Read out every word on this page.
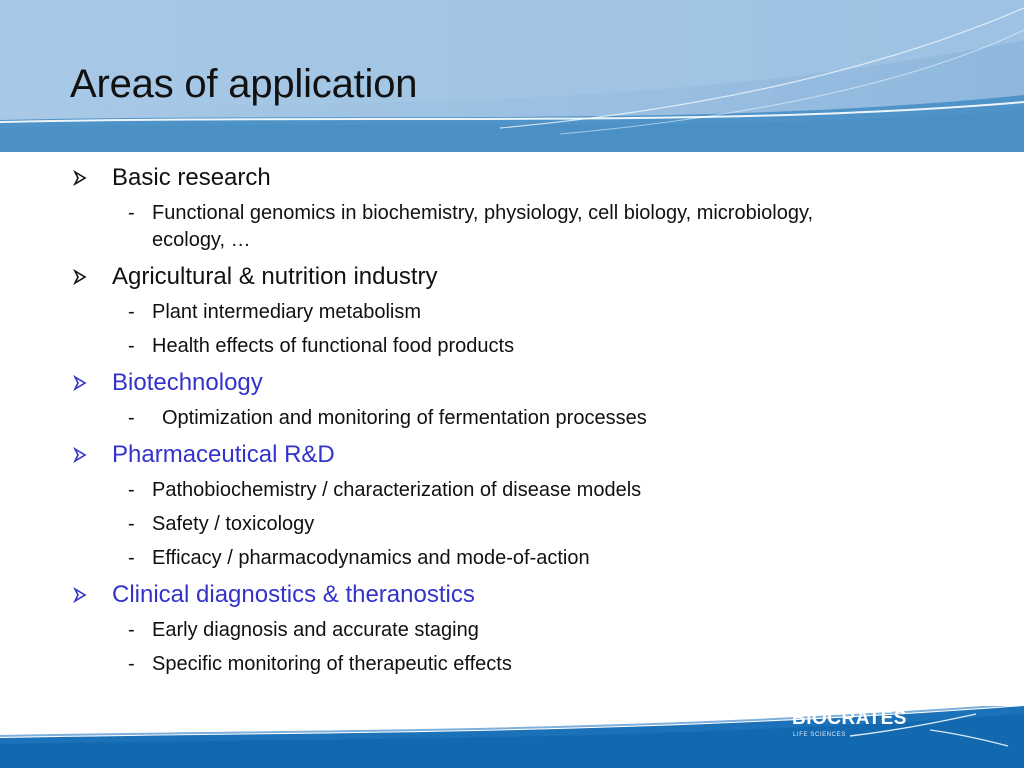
Areas of application
Basic research
- Functional genomics in biochemistry, physiology, cell biology, microbiology, ecology, …
Agricultural & nutrition industry
- Plant intermediary metabolism
- Health effects of functional food products
Biotechnology
-	Optimization and monitoring of fermentation processes
Pharmaceutical R&D
- Pathobiochemistry / characterization of disease models
- Safety / toxicology
- Efficacy / pharmacodynamics and mode-of-action
Clinical diagnostics & theranostics
- Early diagnosis and accurate staging
- Specific monitoring of therapeutic effects
BIOCRATES
LIFE SCIENCES
